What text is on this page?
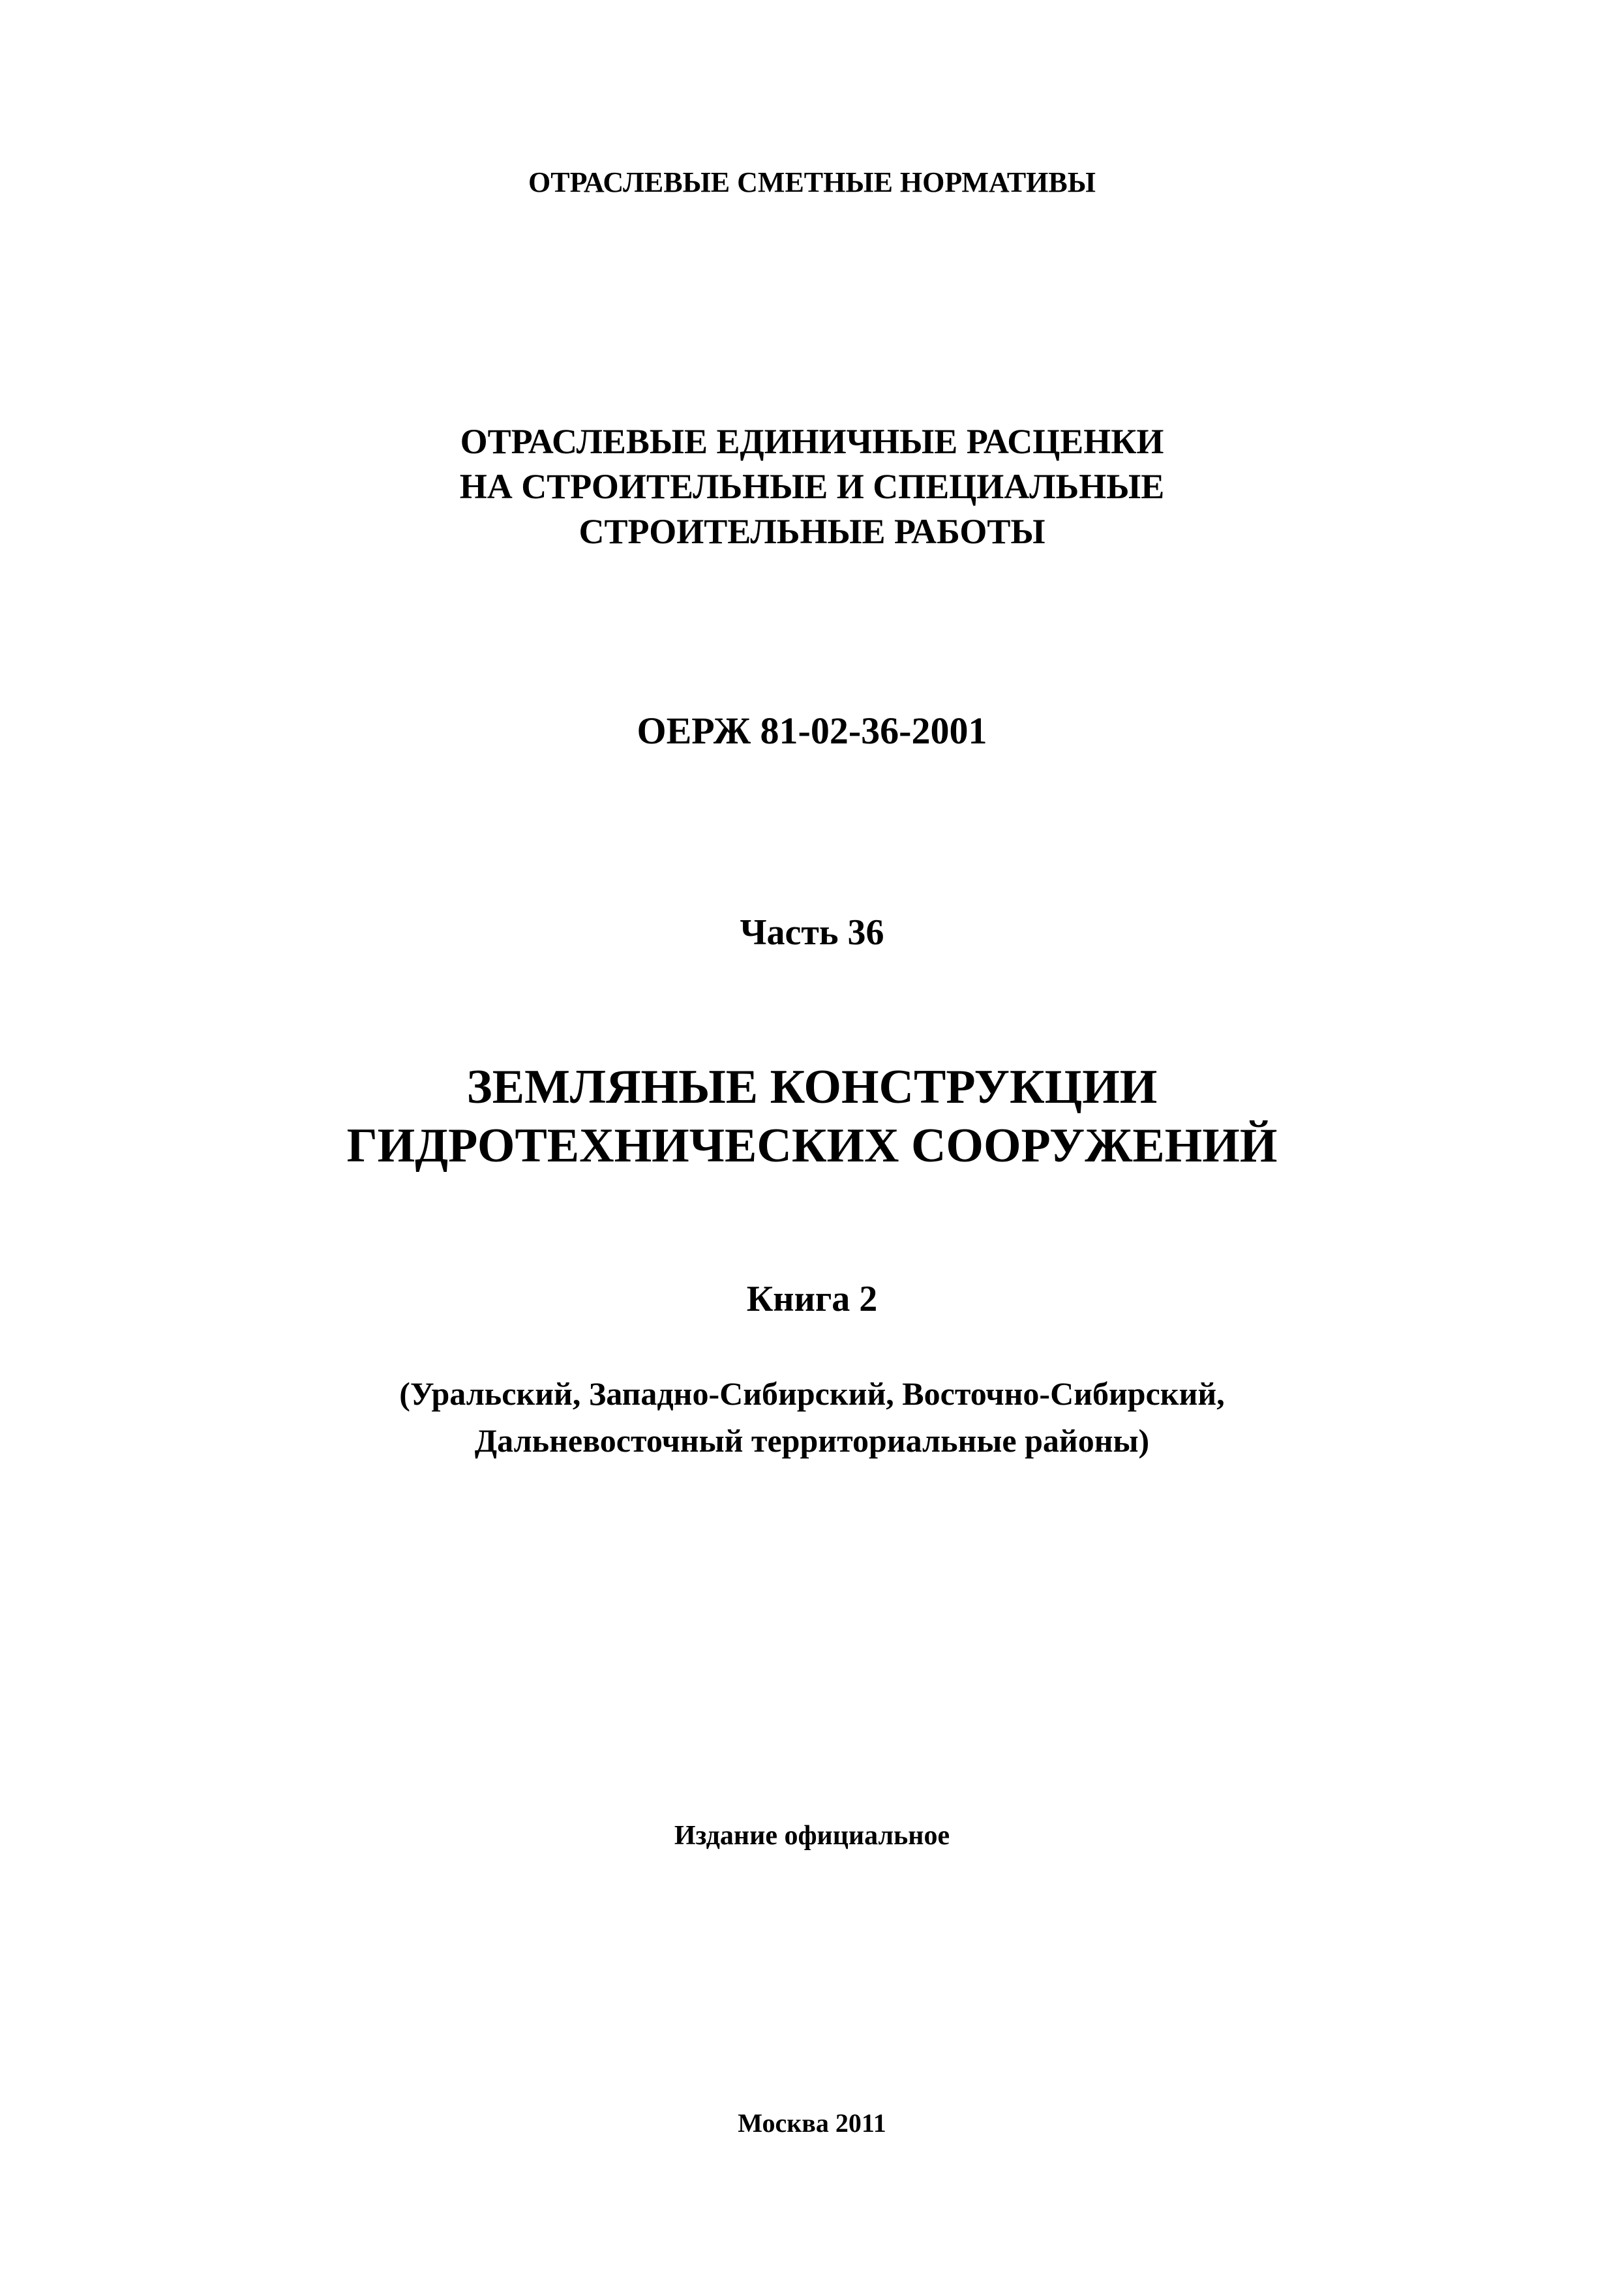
ОТРАСЛЕВЫЕ СМЕТНЫЕ НОРМАТИВЫ
ОТРАСЛЕВЫЕ ЕДИНИЧНЫЕ РАСЦЕНКИ
НА СТРОИТЕЛЬНЫЕ И СПЕЦИАЛЬНЫЕ
СТРОИТЕЛЬНЫЕ РАБОТЫ
ОЕРЖ 81-02-36-2001
Часть 36
ЗЕМЛЯНЫЕ КОНСТРУКЦИИ
ГИДРОТЕХНИЧЕСКИХ СООРУЖЕНИЙ
Книга 2
(Уральский, Западно-Сибирский, Восточно-Сибирский,
Дальневосточный территориальные районы)
Издание официальное
Москва 2011
